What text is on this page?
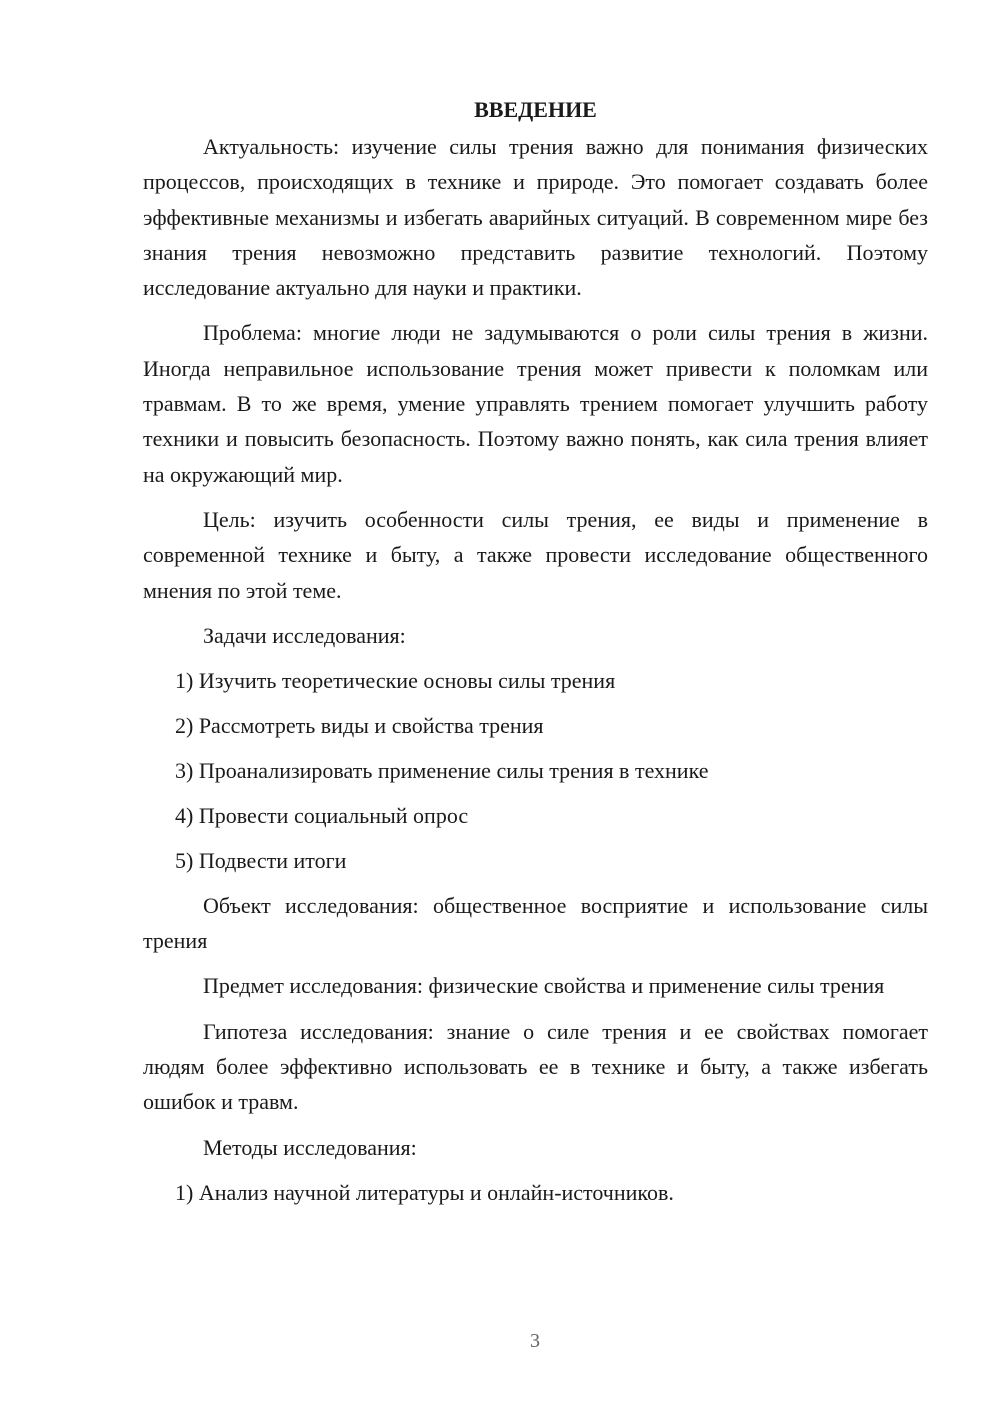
ВВЕДЕНИЕ

Актуальность: изучение силы трения важно для понимания физических процессов, происходящих в технике и природе. Это помогает создавать более эффективные механизмы и избегать аварийных ситуаций. В современном мире без знания трения невозможно представить развитие технологий. Поэтому исследование актуально для науки и практики.

Проблема: многие люди не задумываются о роли силы трения в жизни. Иногда неправильное использование трения может привести к поломкам или травмам. В то же время, умение управлять трением помогает улучшить работу техники и повысить безопасность. Поэтому важно понять, как сила трения влияет на окружающий мир.

Цель: изучить особенности силы трения, ее виды и применение в современной технике и быту, а также провести исследование общественного мнения по этой теме.

Задачи исследования:
1) Изучить теоретические основы силы трения
2) Рассмотреть виды и свойства трения
3) Проанализировать применение силы трения в технике
4) Провести социальный опрос
5) Подвести итоги

Объект исследования: общественное восприятие и использование силы трения

Предмет исследования: физические свойства и применение силы трения

Гипотеза исследования: знание о силе трения и ее свойствах помогает людям более эффективно использовать ее в технике и быту, а также избегать ошибок и травм.

Методы исследования:
1) Анализ научной литературы и онлайн-источников.
3
